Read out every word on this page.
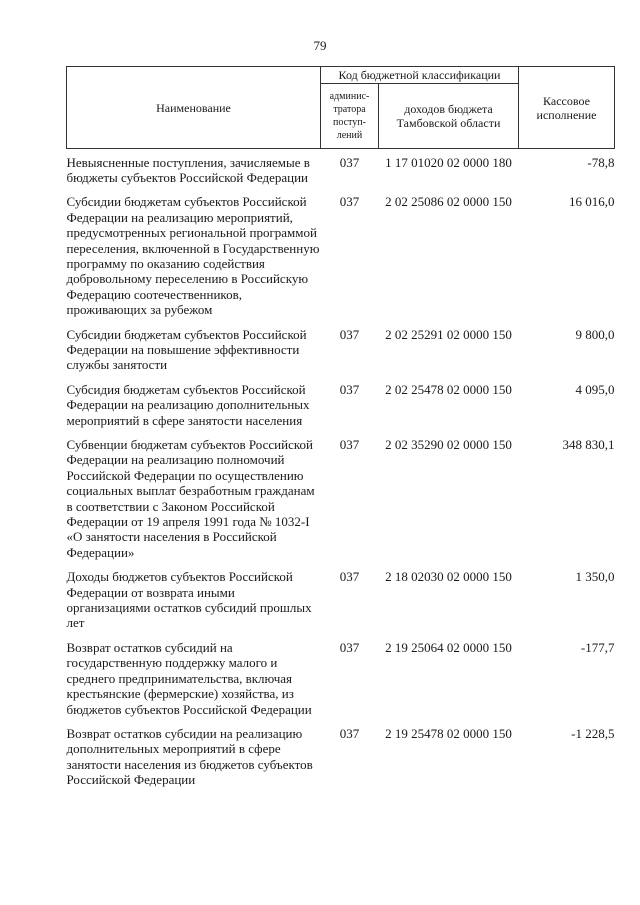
79
Наименование	Код бюджетной классификации		Кассовое исполнение
	админис-тратора поступ-лений	доходов бюджета Тамбовской области	

Невыясненные поступления, зачисляемые в бюджеты субъектов Российской Федерации	037	1 17 01020 02 0000 180	-78,8
Субсидии бюджетам субъектов Российской Федерации на реализацию мероприятий, предусмотренных региональной программой переселения, включенной в Государственную программу по оказанию содействия добровольному переселению в Российскую Федерацию соотечественников, проживающих за рубежом	037	2 02 25086 02 0000 150	16 016,0
Субсидии бюджетам субъектов Российской Федерации на повышение эффективности службы занятости	037	2 02 25291 02 0000 150	9 800,0
Субсидия бюджетам субъектов Российской Федерации на реализацию дополнительных мероприятий в сфере занятости населения	037	2 02 25478 02 0000 150	4 095,0
Субвенции бюджетам субъектов Российской Федерации на реализацию полномочий Российской Федерации по осуществлению социальных выплат безработным гражданам в соответствии с Законом Российской Федерации от 19 апреля 1991 года № 1032-I «О занятости населения в Российской Федерации»	037	2 02 35290 02 0000 150	348 830,1
Доходы бюджетов субъектов Российской Федерации от возврата иными организациями остатков субсидий прошлых лет	037	2 18 02030 02 0000 150	1 350,0
Возврат остатков субсидий на государственную поддержку малого и среднего предпринимательства, включая крестьянские (фермерские) хозяйства, из бюджетов субъектов Российской Федерации	037	2 19 25064 02 0000 150	-177,7
Возврат остатков субсидии на реализацию дополнительных мероприятий в сфере занятости населения из бюджетов субъектов Российской Федерации	037	2 19 25478 02 0000 150	-1 228,5
